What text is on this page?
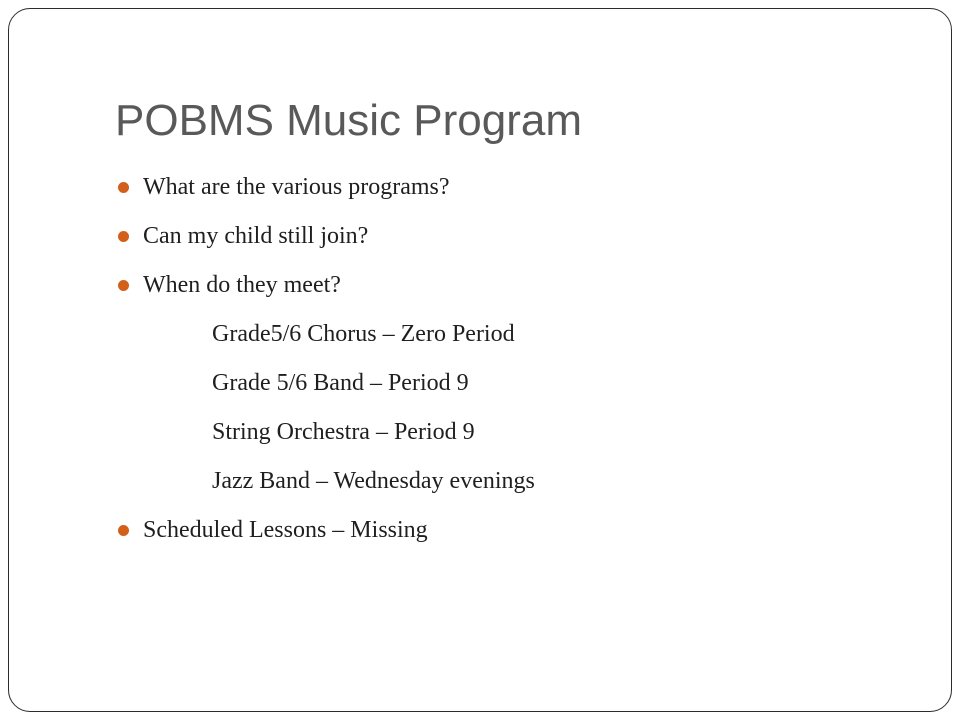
POBMS Music Program
What are the various programs?
Can my child still join?
When do they meet?
Grade5/6 Chorus – Zero Period
Grade 5/6 Band – Period 9
String Orchestra – Period 9
Jazz Band – Wednesday evenings
Scheduled Lessons – Missing
